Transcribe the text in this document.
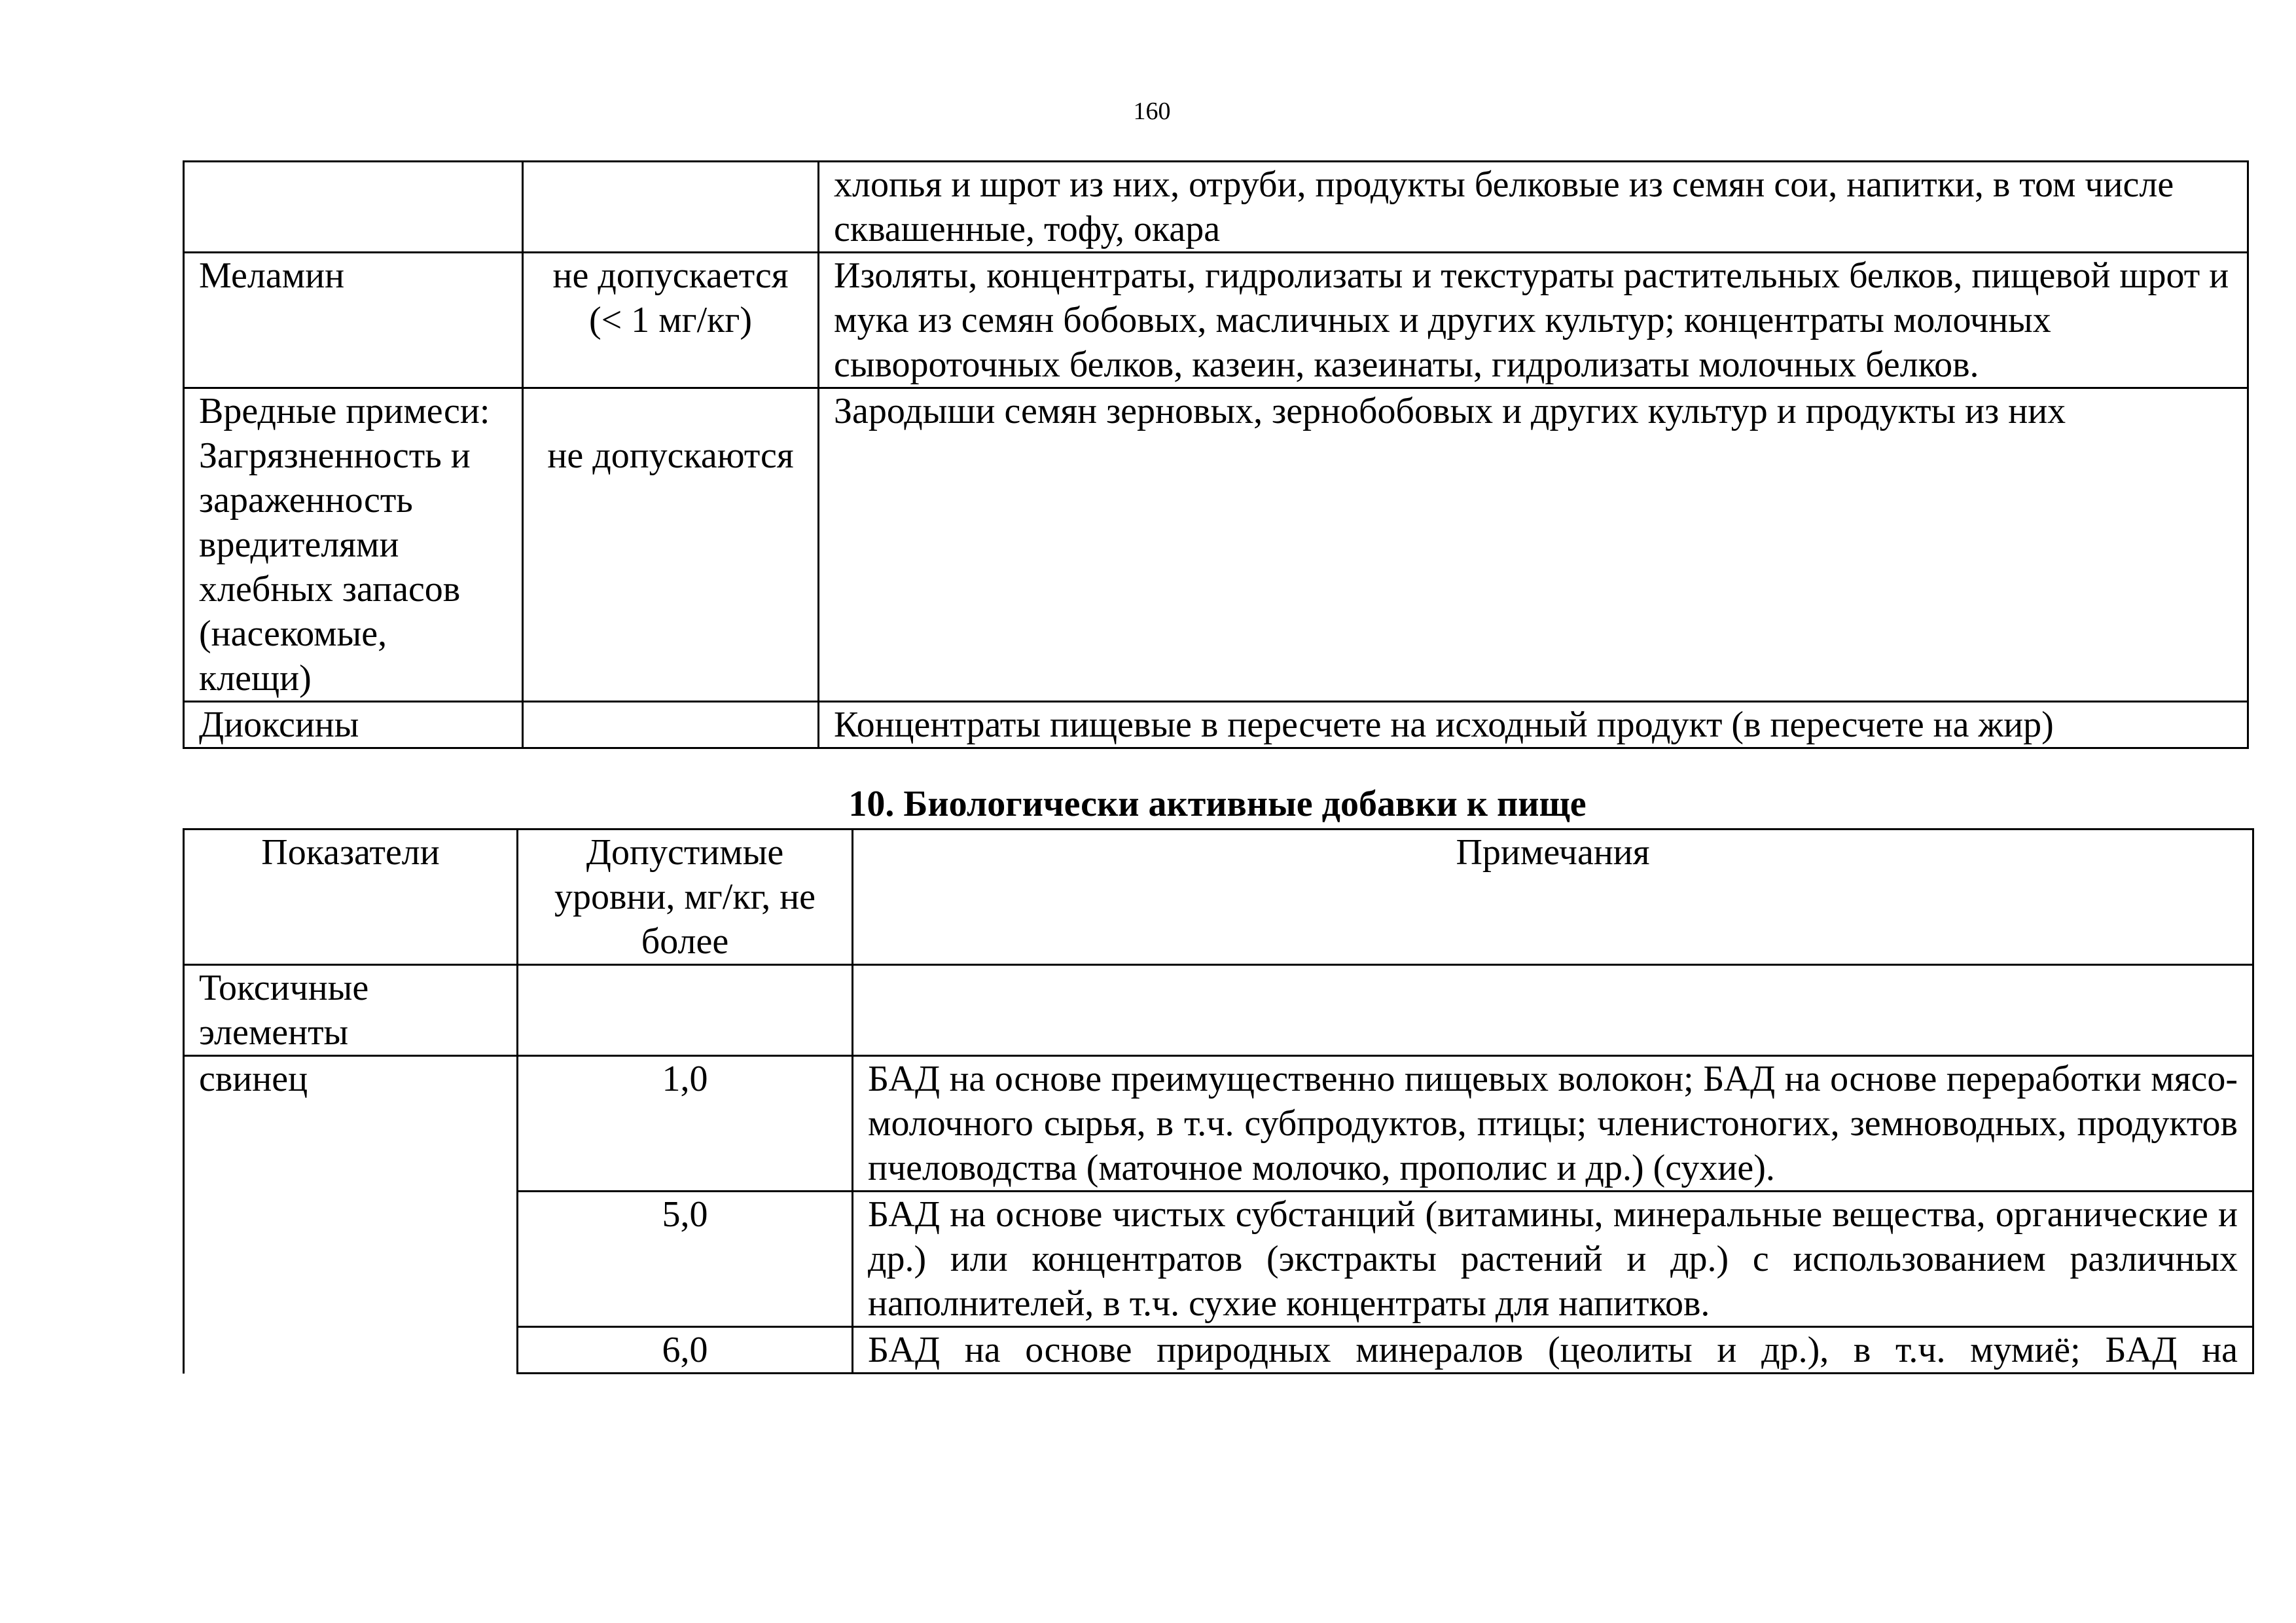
160
		хлопья и шрот из них, отруби, продукты белковые из семян сои, напитки, в том числе сквашенные, тофу, окара
Меламин	не допускается (< 1 мг/кг)	Изоляты, концентраты, гидролизаты и текстураты растительных белков, пищевой шрот и мука из семян бобовых, масличных и других культур; концентраты молочных сывороточных белков, казеин, казеинаты, гидролизаты молочных белков.
Вредные примеси: Загрязненность и зараженность вредителями хлебных запасов (насекомые, клещи)	не допускаются	Зародыши семян зерновых, зернобобовых и других культур и продукты из них
Диоксины		Концентраты пищевые в пересчете на исходный продукт (в пересчете на жир)
10. Биологически активные добавки к пище
Показатели	Допустимые уровни, мг/кг, не более	Примечания
Токсичные элементы		
свинец	1,0	БАД на основе преимущественно пищевых волокон; БАД на основе переработки мясо-молочного сырья, в т.ч. субпродуктов, птицы; членистоногих, земноводных, продуктов пчеловодства (маточное молочко, прополис и др.) (сухие).
	5,0	БАД на основе чистых субстанций (витамины, минеральные вещества, органические и др.) или концентратов (экстракты растений и др.) с использованием различных наполнителей, в т.ч. сухие концентраты для напитков.
	6,0	БАД на основе природных минералов (цеолиты и др.), в т.ч. мумиё; БАД на
